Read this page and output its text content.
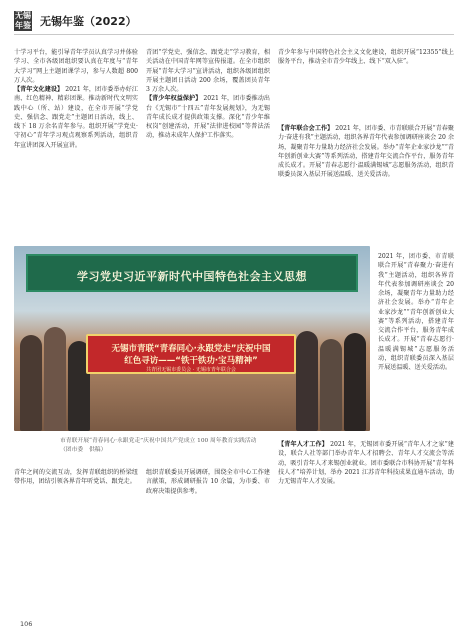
无锡年鉴 无锡年鉴（2022）

十学习平台，能引导青年学员认真学习并体验学习、全市各级团组织要认真在年度与“青年大学习”网上主题团课学习，参与人数超 800 万人次。

【青年文化建设】 2021 年，团市委举办好江南、红色精神、精彩团课。推动新时代文明实践中心（所、站）建设，在全市开展“学党史、强信念、跟党走”主题团日活动，线上、线下 18 万余名青年参与。组织开展“学党史·守初心”青年学习观点观察系列活动，组织青年宣讲团深入开展宣讲。

青团“学党史、强信念、跟党走”学习教育，相关活动在中国青年网等宣传报道。在全市组织开展“青年大学习”宣讲活动，组织各级团组织开展主题团日活动 200 余场，覆盖团员青年 3 万余人次。

【青少年权益保护】 2021 年，团市委推动出台《无锡市“十四五”青年发展规划》，为无锡青年成长成才提供政策支撑。深化“青少年维权岗”创建活动，开展“法律进校园”等普法活动，推动未成年人保护工作落实。

青少年参与中国特色社会主义文化建设，组织开展“12355”线上服务平台，推动全市青少年线上、线下“双入驻”。

【青年联合会工作】 2021 年，团市委、市青联联合开展“青春聚力·奋进有我”主题活动，组织各界青年代表参加调研座谈会 20 余场，凝聚青年力量助力经济社会发展。举办“青年企业家沙龙”“青年创新创业大赛”等系列活动，搭建青年交流合作平台，服务青年成长成才。开展“青春志愿行·温暖满锡城”志愿服务活动，组织青联委员深入基层开展送温暖、送关爱活动。

学习党史习近平新时代中国特色社会主义思想
无锡市青联“青春同心·永跟党走”庆祝中国
红色寻访——“铁干铁功·宝马精神”
共青团无锡市委员会 · 无锡市青年联合会

2021 年，团市委、市青联联合开展“青春聚力·奋进有我”主题活动，组织各界青年代表参加调研座谈会 20 余场，凝聚青年力量助力经济社会发展。举办“青年企业家沙龙”“青年创新创业大赛”等系列活动，搭建青年交流合作平台，服务青年成长成才。开展“青春志愿行·温暖满锡城”志愿服务活动，组织青联委员深入基层开展送温暖、送关爱活动。

市青联开展“青春同心·永跟党走”庆祝中国共产党成立 100 周年教育实践活动
（团市委　供稿）

青年之间的交流互动，发挥青联组织的桥梁纽带作用，团结引领各界青年听党话、跟党走。

组织青联委员开展调研，围绕全市中心工作建言献策，形成调研报告 10 余篇，为市委、市政府决策提供参考。

【青年人才工作】 2021 年，无锡团市委开展“青年人才之家”建设，联合人社等部门举办青年人才招聘会、青年人才交流会等活动，吸引青年人才来锡创业就业。团市委联合市科协开展“青年科技人才”培养计划，举办 2021 江苏青年科技成果直通车活动，助力无锡青年人才发展。

106
